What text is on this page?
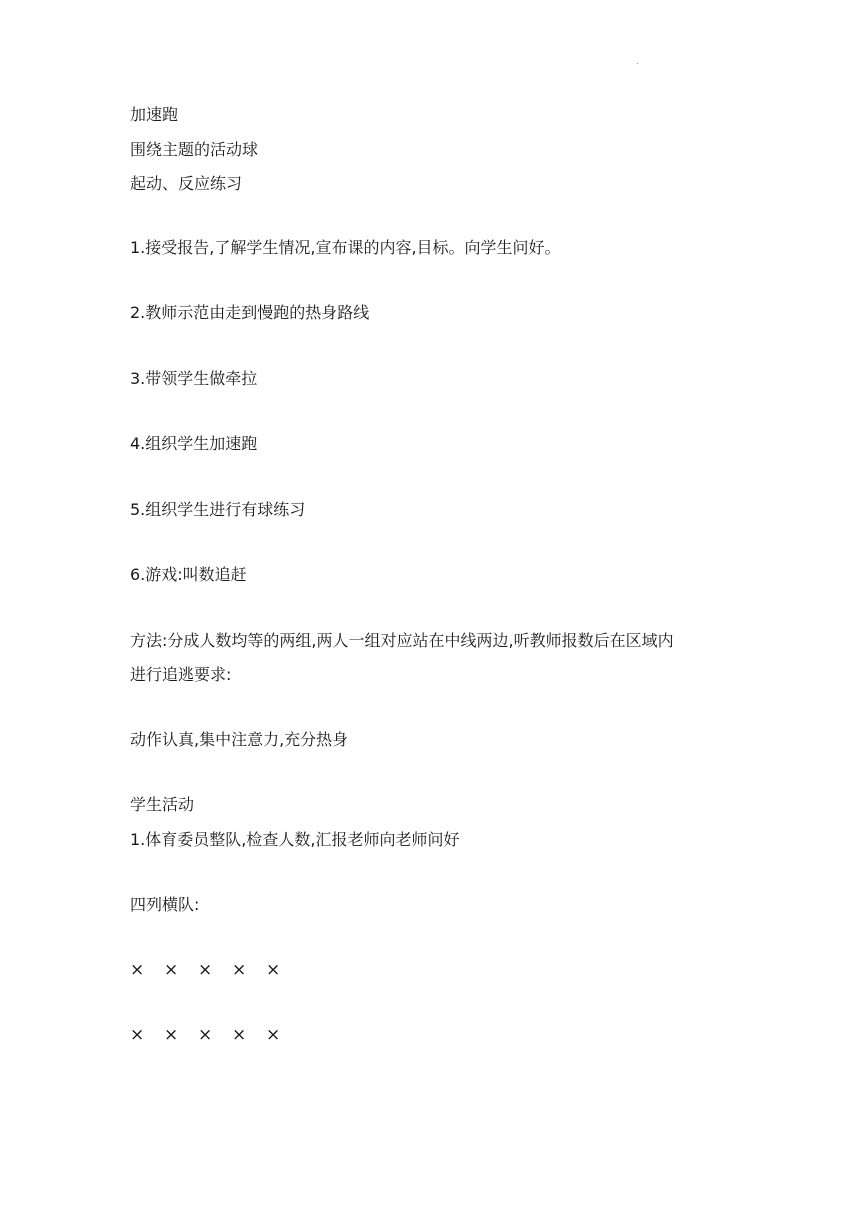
.
加速跑
围绕主题的活动球
起动、反应练习
1.接受报告,了解学生情况,宣布课的内容,目标。向学生问好。
2.教师示范由走到慢跑的热身路线
3.带领学生做牵拉
4.组织学生加速跑
5.组织学生进行有球练习
6.游戏:叫数追赶
方法:分成人数均等的两组,两人一组对应站在中线两边,听教师报数后在区域内
进行追逃要求:
动作认真,集中注意力,充分热身
学生活动
1.体育委员整队,检查人数,汇报老师向老师问好
四列横队:
× × × × ×
× × × × ×
